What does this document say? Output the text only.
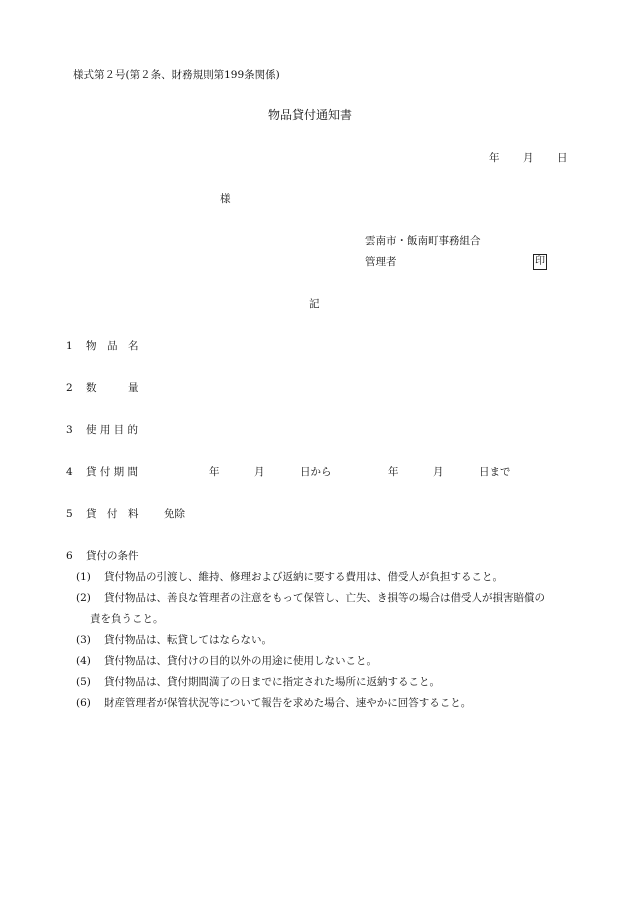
様式第２号(第２条、財務規則第199条関係)
物品貸付通知書
年 月 日
様
雲南市・飯南町事務組合
管理者	印
記
1 物　品　名
2 数　　　量
3 使 用 目 的
4 貸 付 期 間	年	月	日から	年	月	日まで
5 貸　付　料 免除
6 貸付の条件
(1) 貸付物品の引渡し、維持、修理および返納に要する費用は、借受人が負担すること。
(2) 貸付物品は、善良な管理者の注意をもって保管し、亡失、き損等の場合は借受人が損害賠償の
責を負うこと。
(3) 貸付物品は、転貸してはならない。
(4) 貸付物品は、貸付けの目的以外の用途に使用しないこと。
(5) 貸付物品は、貸付期間満了の日までに指定された場所に返納すること。
(6) 財産管理者が保管状況等について報告を求めた場合、速やかに回答すること。
